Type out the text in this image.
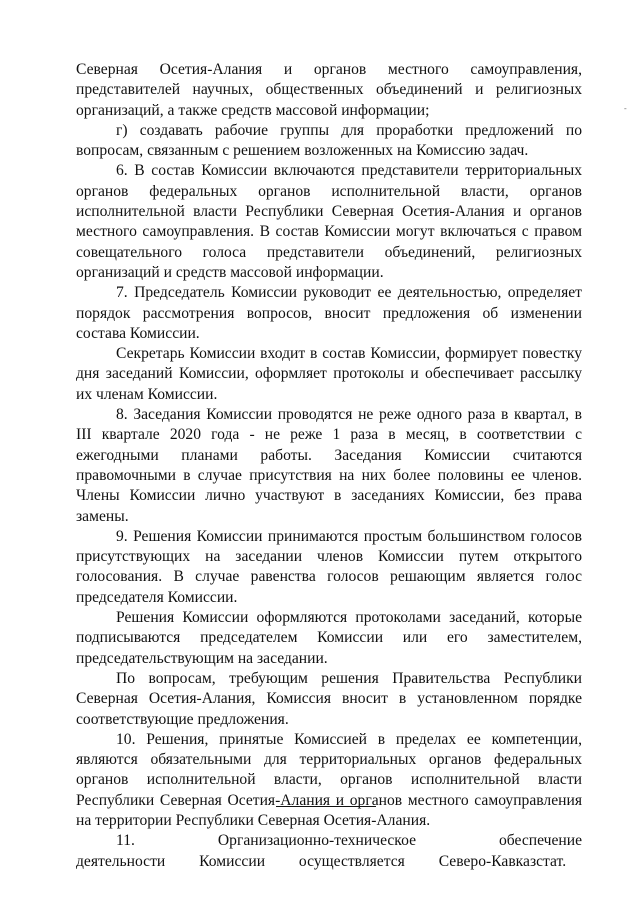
Северная Осетия-Алания и органов местного самоуправления, представителей научных, общественных объединений и религиозных организаций, а также средств массовой информации;

г) создавать рабочие группы для проработки предложений по вопросам, связанным с решением возложенных на Комиссию задач.

6. В состав Комиссии включаются представители территориальных органов федеральных органов исполнительной власти, органов исполнительной власти Республики Северная Осетия-Алания и органов местного самоуправления. В состав Комиссии могут включаться с правом совещательного голоса представители объединений, религиозных организаций и средств массовой информации.

7. Председатель Комиссии руководит ее деятельностью, определяет порядок рассмотрения вопросов, вносит предложения об изменении состава Комиссии.

Секретарь Комиссии входит в состав Комиссии, формирует повестку дня заседаний Комиссии, оформляет протоколы и обеспечивает рассылку их членам Комиссии.

8. Заседания Комиссии проводятся не реже одного раза в квартал, в III квартале 2020 года - не реже 1 раза в месяц, в соответствии с ежегодными планами работы. Заседания Комиссии считаются правомочными в случае присутствия на них более половины ее членов. Члены Комиссии лично участвуют в заседаниях Комиссии, без права замены.

9. Решения Комиссии принимаются простым большинством голосов присутствующих на заседании членов Комиссии путем открытого голосования. В случае равенства голосов решающим является голос председателя Комиссии.

Решения Комиссии оформляются протоколами заседаний, которые подписываются председателем Комиссии или его заместителем, председательствующим на заседании.

По вопросам, требующим решения Правительства Республики Северная Осетия-Алания, Комиссия вносит в установленном порядке соответствующие предложения.

10. Решения, принятые Комиссией в пределах ее компетенции, являются обязательными для территориальных органов федеральных органов исполнительной власти, органов исполнительной власти Республики Северная Осетия-Алания и органов местного самоуправления на территории Республики Северная Осетия-Алания.

11. Организационно-техническое обеспечение деятельности Комиссии осуществляется Северо-Кавказстат.

-
